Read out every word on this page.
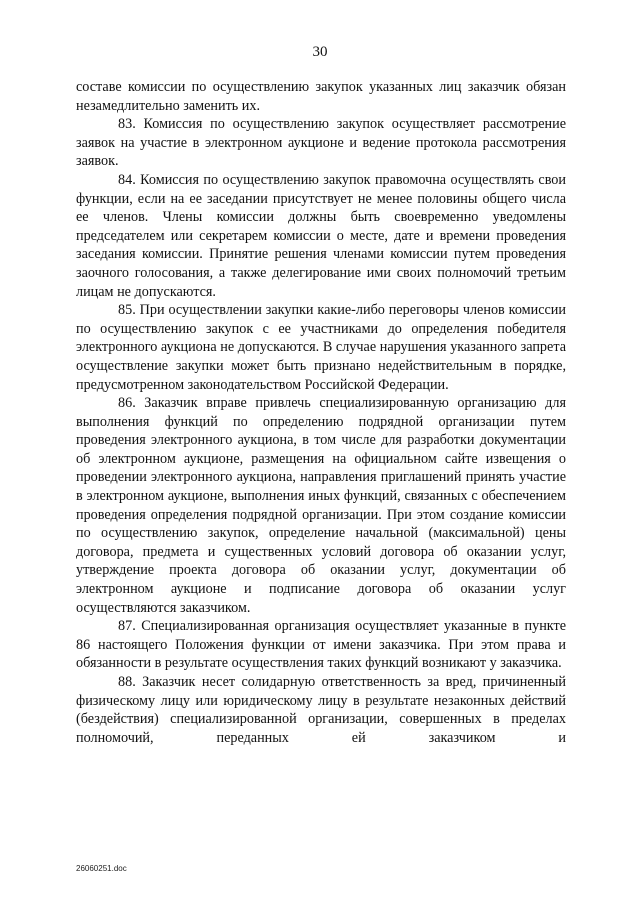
30

составе комиссии по осуществлению закупок указанных лиц заказчик обязан незамедлительно заменить их.

83. Комиссия по осуществлению закупок осуществляет рассмотрение заявок на участие в электронном аукционе и ведение протокола рассмотрения заявок.

84. Комиссия по осуществлению закупок правомочна осуществлять свои функции, если на ее заседании присутствует не менее половины общего числа ее членов. Члены комиссии должны быть своевременно уведомлены председателем или секретарем комиссии о месте, дате и времени проведения заседания комиссии. Принятие решения членами комиссии путем проведения заочного голосования, а также делегирование ими своих полномочий третьим лицам не допускаются.

85. При осуществлении закупки какие-либо переговоры членов комиссии по осуществлению закупок с ее участниками до определения победителя электронного аукциона не допускаются. В случае нарушения указанного запрета осуществление закупки может быть признано недействительным в порядке, предусмотренном законодательством Российской Федерации.

86. Заказчик вправе привлечь специализированную организацию для выполнения функций по определению подрядной организации путем проведения электронного аукциона, в том числе для разработки документации об электронном аукционе, размещения на официальном сайте извещения о проведении электронного аукциона, направления приглашений принять участие в электронном аукционе, выполнения иных функций, связанных с обеспечением проведения определения подрядной организации. При этом создание комиссии по осуществлению закупок, определение начальной (максимальной) цены договора, предмета и существенных условий договора об оказании услуг, утверждение проекта договора об оказании услуг, документации об электронном аукционе и подписание договора об оказании услуг осуществляются заказчиком.

87. Специализированная организация осуществляет указанные в пункте 86 настоящего Положения функции от имени заказчика. При этом права и обязанности в результате осуществления таких функций возникают у заказчика.

88. Заказчик несет солидарную ответственность за вред, причиненный физическому лицу или юридическому лицу в результате незаконных действий (бездействия) специализированной организации, совершенных в пределах полномочий, переданных ей заказчиком и

26060251.doc
